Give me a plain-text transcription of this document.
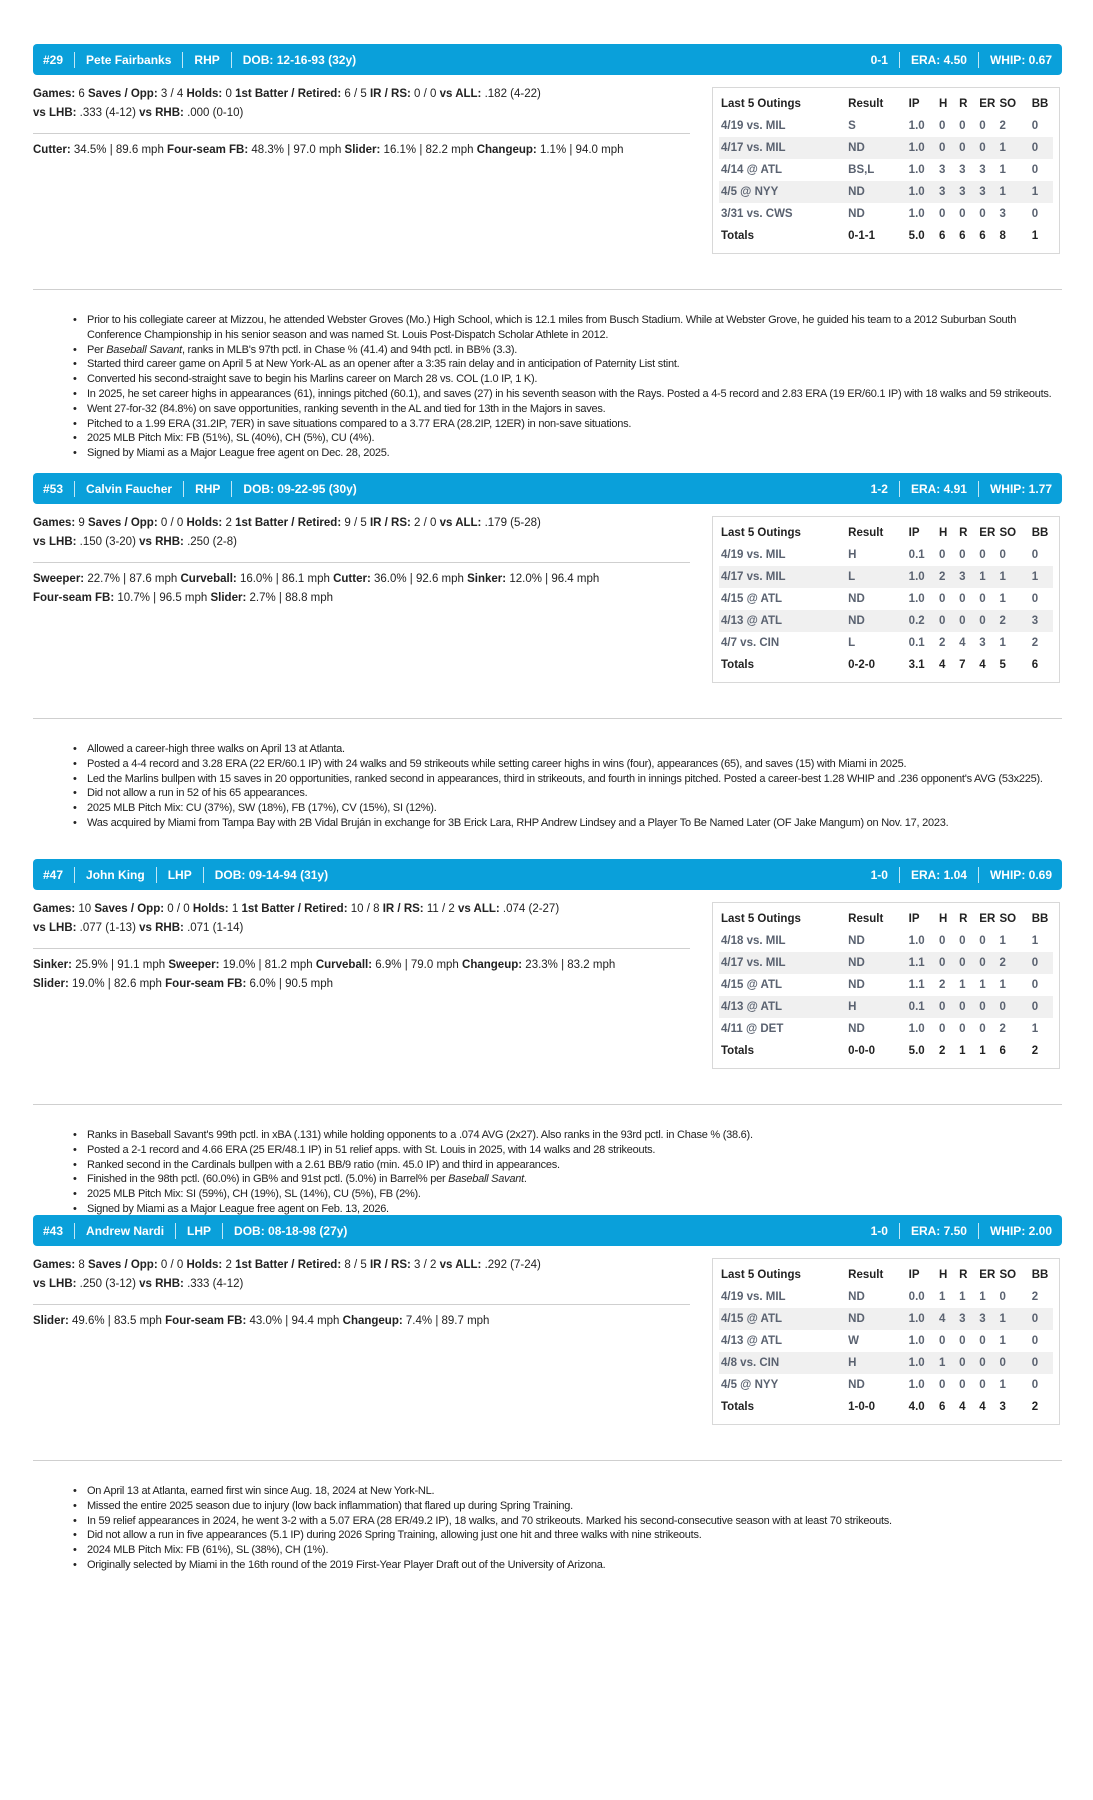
#29 Pete Fairbanks RHP DOB: 12-16-93 (32y)	0-1 ERA: 4.50 WHIP: 0.67
Games: 6 Saves / Opp: 3 / 4 Holds: 0 1st Batter / Retired: 6 / 5 IR / RS: 0 / 0 vs ALL: .182 (4-22)
vs LHB: .333 (4-12) vs RHB: .000 (0-10)
Cutter: 34.5% | 89.6 mph Four-seam FB: 48.3% | 97.0 mph Slider: 16.1% | 82.2 mph Changeup: 1.1% | 94.0 mph
Last 5 Outings	Result	IP	H	R	ER	SO	BB
4/19 vs. MIL	S	1.0	0	0	0	2	0
4/17 vs. MIL	ND	1.0	0	0	0	1	0
4/14 @ ATL	BS,L	1.0	3	3	3	1	0
4/5 @ NYY	ND	1.0	3	3	3	1	1
3/31 vs. CWS	ND	1.0	0	0	0	3	0
Totals	0-1-1	5.0	6	6	6	8	1
• Prior to his collegiate career at Mizzou, he attended Webster Groves (Mo.) High School, which is 12.1 miles from Busch Stadium. While at Webster Grove, he guided his team to a 2012 Suburban South Conference Championship in his senior season and was named St. Louis Post-Dispatch Scholar Athlete in 2012.
• Per Baseball Savant, ranks in MLB's 97th pctl. in Chase % (41.4) and 94th pctl. in BB% (3.3).
• Started third career game on April 5 at New York-AL as an opener after a 3:35 rain delay and in anticipation of Paternity List stint.
• Converted his second-straight save to begin his Marlins career on March 28 vs. COL (1.0 IP, 1 K).
• In 2025, he set career highs in appearances (61), innings pitched (60.1), and saves (27) in his seventh season with the Rays. Posted a 4-5 record and 2.83 ERA (19 ER/60.1 IP) with 18 walks and 59 strikeouts.
• Went 27-for-32 (84.8%) on save opportunities, ranking seventh in the AL and tied for 13th in the Majors in saves.
• Pitched to a 1.99 ERA (31.2IP, 7ER) in save situations compared to a 3.77 ERA (28.2IP, 12ER) in non-save situations.
• 2025 MLB Pitch Mix: FB (51%), SL (40%), CH (5%), CU (4%).
• Signed by Miami as a Major League free agent on Dec. 28, 2025.
#53 Calvin Faucher RHP DOB: 09-22-95 (30y)	1-2 ERA: 4.91 WHIP: 1.77
Games: 9 Saves / Opp: 0 / 0 Holds: 2 1st Batter / Retired: 9 / 5 IR / RS: 2 / 0 vs ALL: .179 (5-28)
vs LHB: .150 (3-20) vs RHB: .250 (2-8)
Sweeper: 22.7% | 87.6 mph Curveball: 16.0% | 86.1 mph Cutter: 36.0% | 92.6 mph Sinker: 12.0% | 96.4 mph
Four-seam FB: 10.7% | 96.5 mph Slider: 2.7% | 88.8 mph
Last 5 Outings	Result	IP	H	R	ER	SO	BB
4/19 vs. MIL	H	0.1	0	0	0	0	0
4/17 vs. MIL	L	1.0	2	3	1	1	1
4/15 @ ATL	ND	1.0	0	0	0	1	0
4/13 @ ATL	ND	0.2	0	0	0	2	3
4/7 vs. CIN	L	0.1	2	4	3	1	2
Totals	0-2-0	3.1	4	7	4	5	6
• Allowed a career-high three walks on April 13 at Atlanta.
• Posted a 4-4 record and 3.28 ERA (22 ER/60.1 IP) with 24 walks and 59 strikeouts while setting career highs in wins (four), appearances (65), and saves (15) with Miami in 2025.
• Led the Marlins bullpen with 15 saves in 20 opportunities, ranked second in appearances, third in strikeouts, and fourth in innings pitched. Posted a career-best 1.28 WHIP and .236 opponent's AVG (53x225).
• Did not allow a run in 52 of his 65 appearances.
• 2025 MLB Pitch Mix: CU (37%), SW (18%), FB (17%), CV (15%), SI (12%).
• Was acquired by Miami from Tampa Bay with 2B Vidal Bruján in exchange for 3B Erick Lara, RHP Andrew Lindsey and a Player To Be Named Later (OF Jake Mangum) on Nov. 17, 2023.
#47 John King LHP DOB: 09-14-94 (31y)	1-0 ERA: 1.04 WHIP: 0.69
Games: 10 Saves / Opp: 0 / 0 Holds: 1 1st Batter / Retired: 10 / 8 IR / RS: 11 / 2 vs ALL: .074 (2-27)
vs LHB: .077 (1-13) vs RHB: .071 (1-14)
Sinker: 25.9% | 91.1 mph Sweeper: 19.0% | 81.2 mph Curveball: 6.9% | 79.0 mph Changeup: 23.3% | 83.2 mph
Slider: 19.0% | 82.6 mph Four-seam FB: 6.0% | 90.5 mph
Last 5 Outings	Result	IP	H	R	ER	SO	BB
4/18 vs. MIL	ND	1.0	0	0	0	1	1
4/17 vs. MIL	ND	1.1	0	0	0	2	0
4/15 @ ATL	ND	1.1	2	1	1	1	0
4/13 @ ATL	H	0.1	0	0	0	0	0
4/11 @ DET	ND	1.0	0	0	0	2	1
Totals	0-0-0	5.0	2	1	1	6	2
• Ranks in Baseball Savant's 99th pctl. in xBA (.131) while holding opponents to a .074 AVG (2x27). Also ranks in the 93rd pctl. in Chase % (38.6).
• Posted a 2-1 record and 4.66 ERA (25 ER/48.1 IP) in 51 relief apps. with St. Louis in 2025, with 14 walks and 28 strikeouts.
• Ranked second in the Cardinals bullpen with a 2.61 BB/9 ratio (min. 45.0 IP) and third in appearances.
• Finished in the 98th pctl. (60.0%) in GB% and 91st pctl. (5.0%) in Barrel% per Baseball Savant.
• 2025 MLB Pitch Mix: SI (59%), CH (19%), SL (14%), CU (5%), FB (2%).
• Signed by Miami as a Major League free agent on Feb. 13, 2026.
#43 Andrew Nardi LHP DOB: 08-18-98 (27y)	1-0 ERA: 7.50 WHIP: 2.00
Games: 8 Saves / Opp: 0 / 0 Holds: 2 1st Batter / Retired: 8 / 5 IR / RS: 3 / 2 vs ALL: .292 (7-24)
vs LHB: .250 (3-12) vs RHB: .333 (4-12)
Slider: 49.6% | 83.5 mph Four-seam FB: 43.0% | 94.4 mph Changeup: 7.4% | 89.7 mph
Last 5 Outings	Result	IP	H	R	ER	SO	BB
4/19 vs. MIL	ND	0.0	1	1	1	0	2
4/15 @ ATL	ND	1.0	4	3	3	1	0
4/13 @ ATL	W	1.0	0	0	0	1	0
4/8 vs. CIN	H	1.0	1	0	0	0	0
4/5 @ NYY	ND	1.0	0	0	0	1	0
Totals	1-0-0	4.0	6	4	4	3	2
• On April 13 at Atlanta, earned first win since Aug. 18, 2024 at New York-NL.
• Missed the entire 2025 season due to injury (low back inflammation) that flared up during Spring Training.
• In 59 relief appearances in 2024, he went 3-2 with a 5.07 ERA (28 ER/49.2 IP), 18 walks, and 70 strikeouts. Marked his second-consecutive season with at least 70 strikeouts.
• Did not allow a run in five appearances (5.1 IP) during 2026 Spring Training, allowing just one hit and three walks with nine strikeouts.
• 2024 MLB Pitch Mix: FB (61%), SL (38%), CH (1%).
• Originally selected by Miami in the 16th round of the 2019 First-Year Player Draft out of the University of Arizona.
